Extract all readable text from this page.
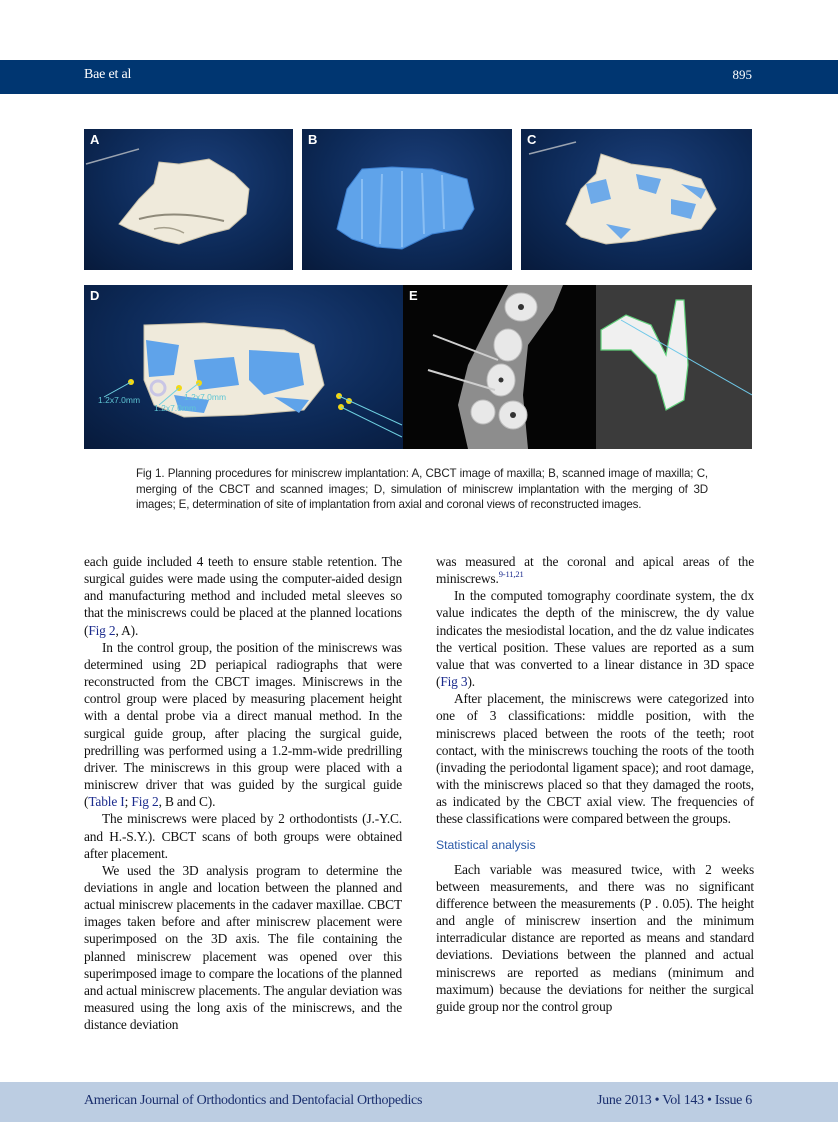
Bae et al	895
A	B	C
1.2x7.0mm
1.2x7.0mm
1.2x7.0mm
D	E
Fig 1. Planning procedures for miniscrew implantation: A, CBCT image of maxilla; B, scanned image of maxilla; C, merging of the CBCT and scanned images; D, simulation of miniscrew implantation with the merging of 3D images; E, determination of site of implantation from axial and coronal views of reconstructed images.

each guide included 4 teeth to ensure stable retention. The surgical guides were made using the computer-aided design and manufacturing method and included metal sleeves so that the miniscrews could be placed at the planned locations (Fig 2, A).

In the control group, the position of the miniscrews was determined using 2D periapical radiographs that were reconstructed from the CBCT images. Miniscrews in the control group were placed by measuring placement height with a dental probe via a direct manual method. In the surgical guide group, after placing the surgical guide, predrilling was performed using a 1.2-mm-wide predrilling driver. The miniscrews in this group were placed with a miniscrew driver that was guided by the surgical guide (Table I; Fig 2, B and C).

The miniscrews were placed by 2 orthodontists (J.-Y.C. and H.-S.Y.). CBCT scans of both groups were obtained after placement.

We used the 3D analysis program to determine the deviations in angle and location between the planned and actual miniscrew placements in the cadaver maxillae. CBCT images taken before and after miniscrew placement were superimposed on the 3D axis. The file containing the planned miniscrew placement was opened over this superimposed image to compare the locations of the planned and actual miniscrew placements. The angular deviation was measured using the long axis of the miniscrews, and the distance deviation

was measured at the coronal and apical areas of the miniscrews.$^{9-11,21}$

In the computed tomography coordinate system, the dx value indicates the depth of the miniscrew, the dy value indicates the mesiodistal location, and the dz value indicates the vertical position. These values are reported as a sum value that was converted to a linear distance in 3D space (Fig 3).

After placement, the miniscrews were categorized into one of 3 classifications: middle position, with the miniscrews placed between the roots of the teeth; root contact, with the miniscrews touching the roots of the tooth (invading the periodontal ligament space); and root damage, with the miniscrews placed so that they damaged the roots, as indicated by the CBCT axial view. The frequencies of these classifications were compared between the groups.

Statistical analysis

Each variable was measured twice, with 2 weeks between measurements, and there was no significant difference between the measurements (P . 0.05). The height and angle of miniscrew insertion and the minimum interradicular distance are reported as means and standard deviations. Deviations between the planned and actual miniscrews are reported as medians (minimum and maximum) because the deviations for neither the surgical guide group nor the control group

American Journal of Orthodontics and Dentofacial Orthopedics	June 2013 • Vol 143 • Issue 6
